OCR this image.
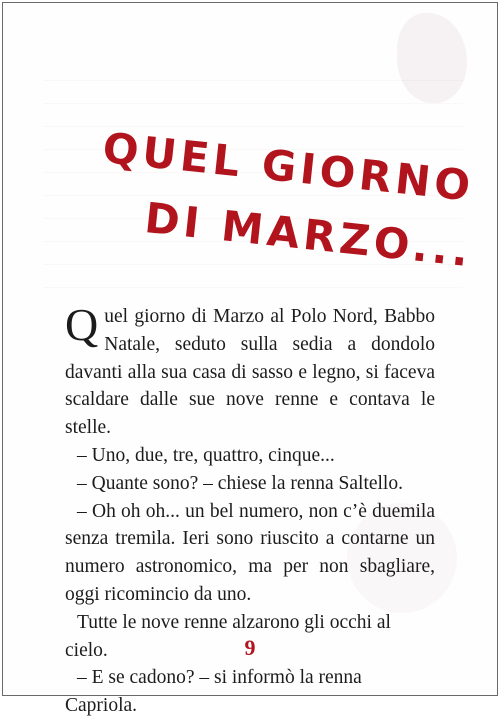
QUEL GIORNO
DI MARZO...

Quel giorno di Marzo al Polo Nord, Babbo Natale, seduto sulla sedia a dondolo davanti alla sua casa di sasso e legno, si faceva scaldare dalle sue nove renne e contava le stelle.

– Uno, due, tre, quattro, cinque...

– Quante sono? – chiese la renna Saltello.

– Oh oh oh... un bel numero, non c’è duemila senza tremila. Ieri sono riuscito a contarne un numero astronomico, ma per non sbagliare, oggi ricomincio da uno.

Tutte le nove renne alzarono gli occhi al cielo.

– E se cadono? – si informò la renna Capriola.

9
